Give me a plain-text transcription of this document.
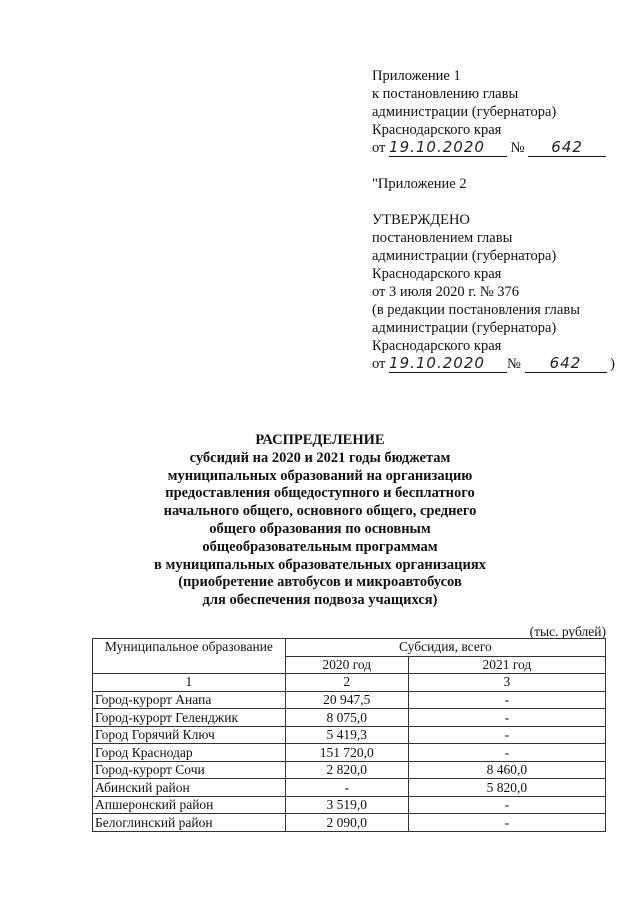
Приложение 1
к постановлению главы
администрации (губернатора)
Краснодарского края
от 19.10.2020 № 642
"Приложение 2
УТВЕРЖДЕНО
постановлением главы
администрации (губернатора)
Краснодарского края
от 3 июля 2020 г. № 376
(в редакции постановления главы
администрации (губернатора)
Краснодарского края
от 19.10.2020 № 642 )
РАСПРЕДЕЛЕНИЕ
субсидий на 2020 и 2021 годы бюджетам
муниципальных образований на организацию
предоставления общедоступного и бесплатного
начального общего, основного общего, среднего
общего образования по основным
общеобразовательным программам
в муниципальных образовательных организациях
(приобретение автобусов и микроавтобусов
для обеспечения подвоза учащихся)
(тыс. рублей)
Муниципальное образование	Субсидия, всего	
	2020 год	2021 год
1	2	3
Город-курорт Анапа	20 947,5	-
Город-курорт Геленджик	8 075,0	-
Город Горячий Ключ	5 419,3	-
Город Краснодар	151 720,0	-
Город-курорт Сочи	2 820,0	8 460,0
Абинский район	-	5 820,0
Апшеронский район	3 519,0	-
Белоглинский район	2 090,0	-
